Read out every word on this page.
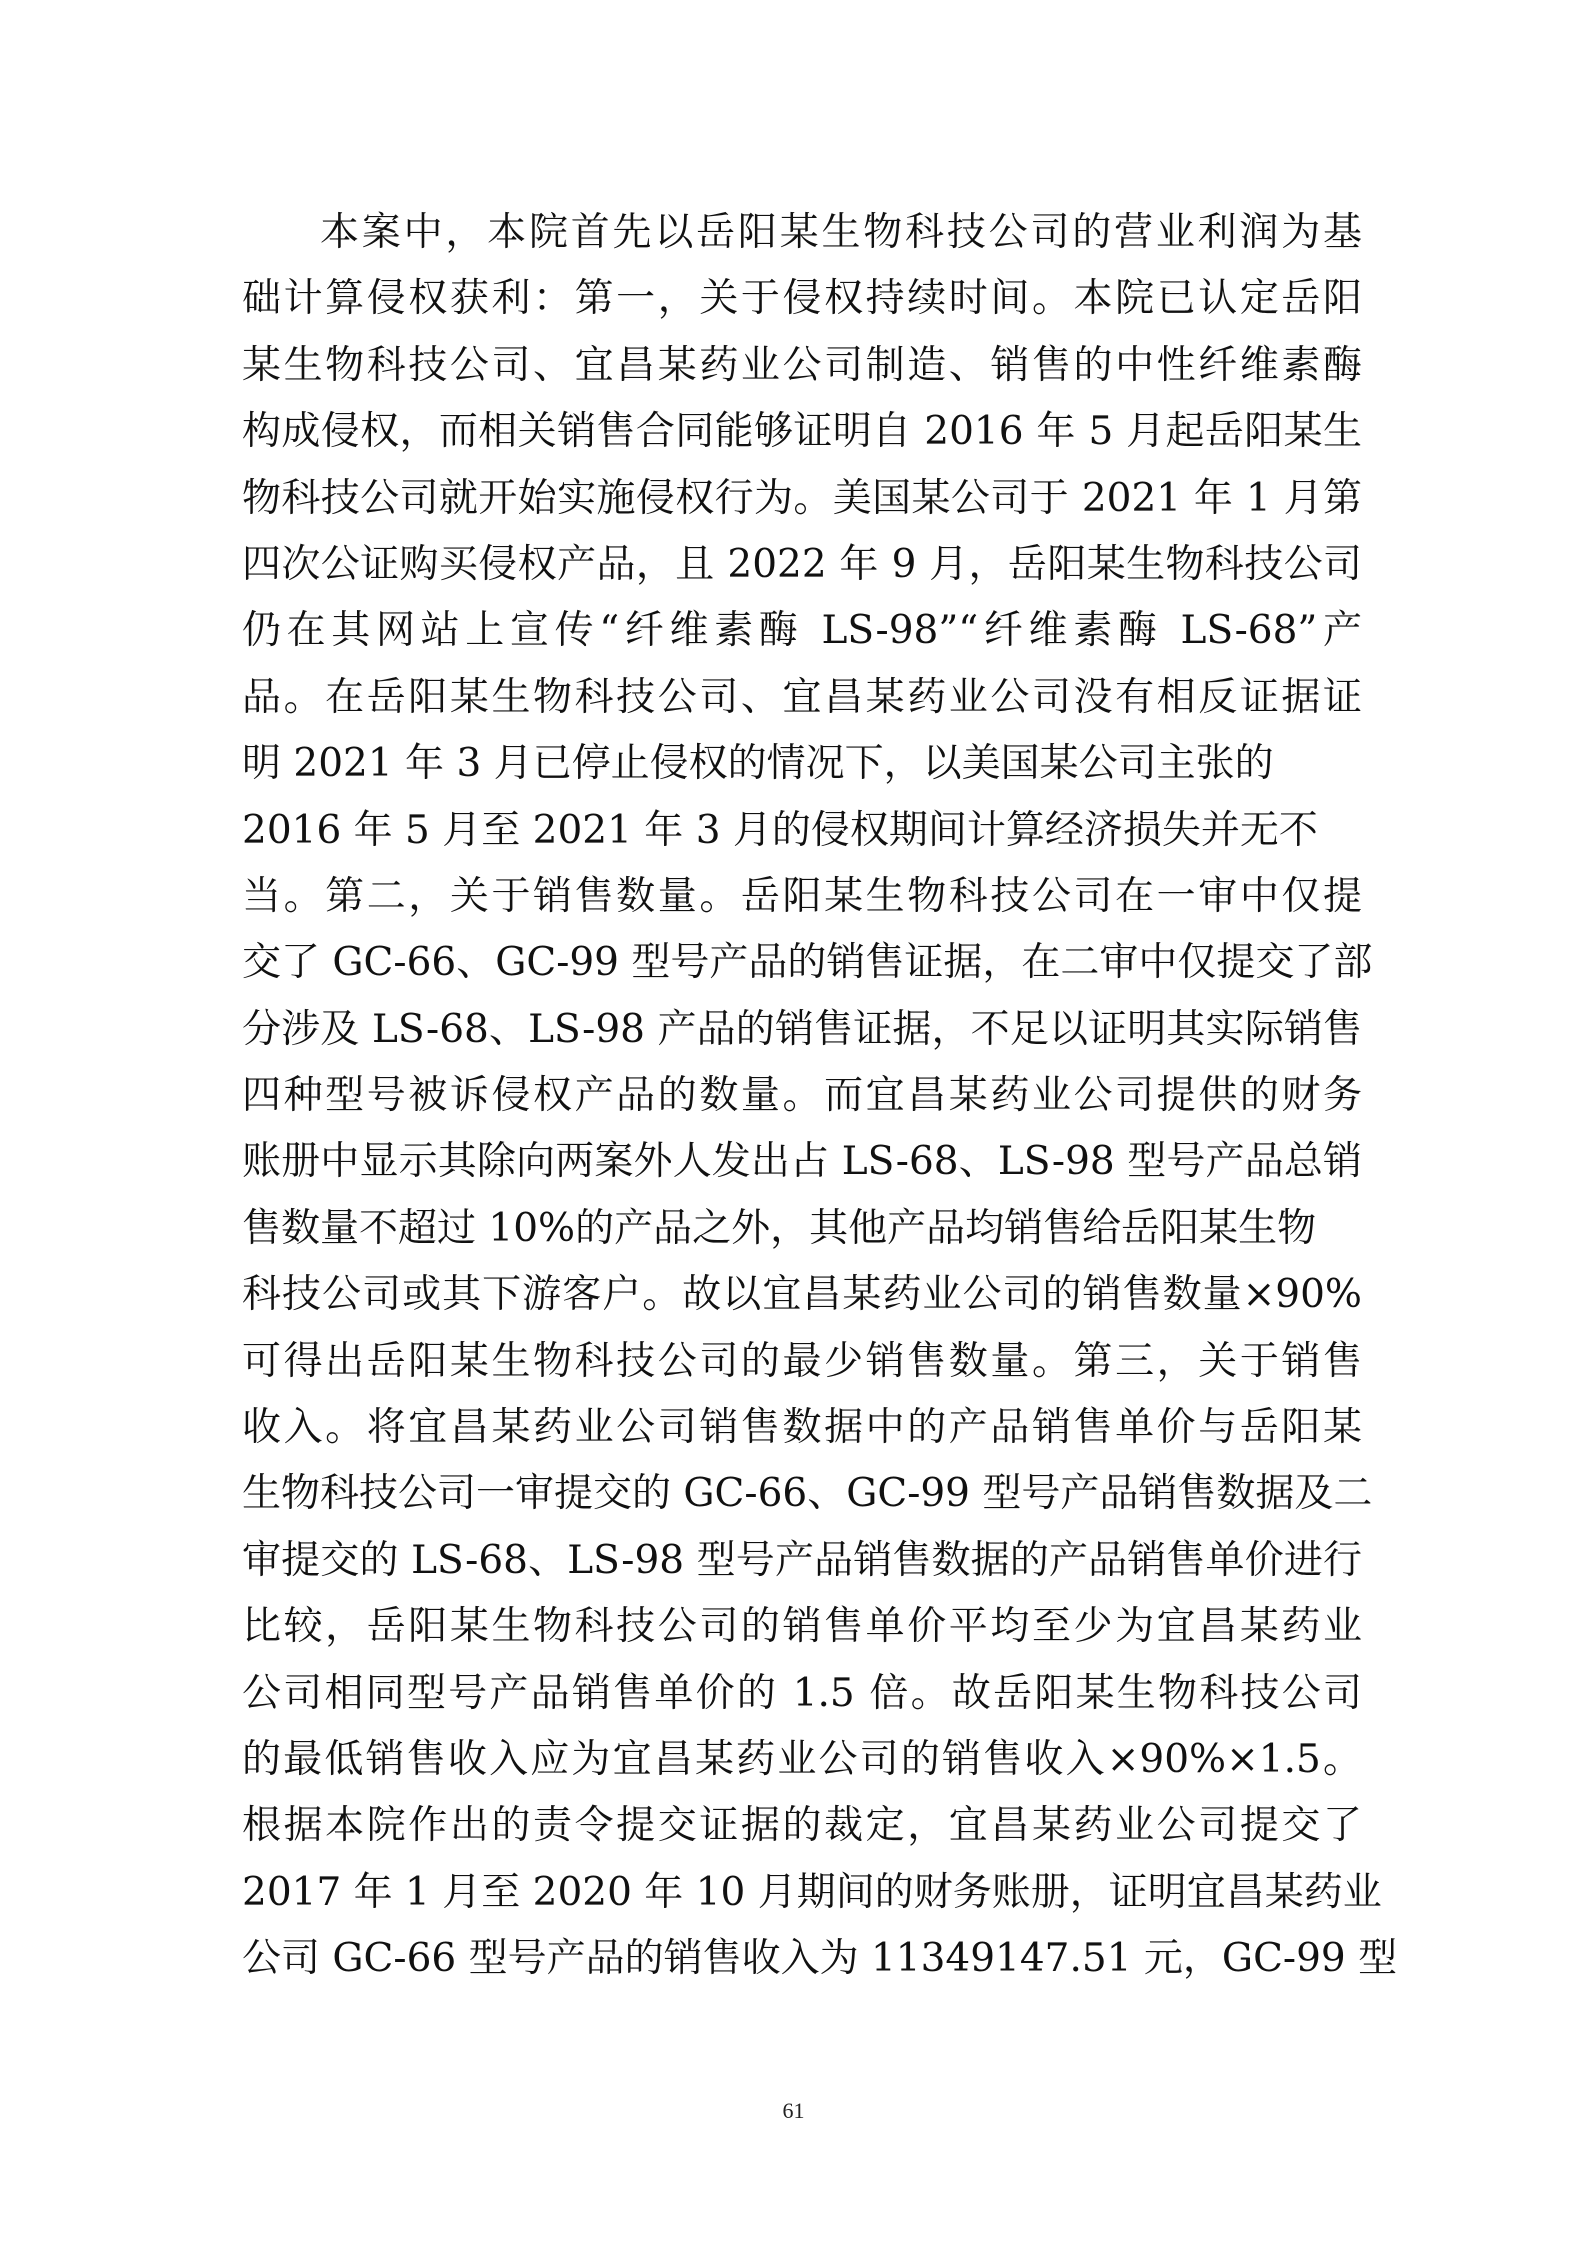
本案中，本院首先以岳阳某生物科技公司的营业利润为基
础计算侵权获利：第一，关于侵权持续时间。本院已认定岳阳
某生物科技公司、宜昌某药业公司制造、销售的中性纤维素酶
构成侵权，而相关销售合同能够证明自 2016 年 5 月起岳阳某生
物科技公司就开始实施侵权行为。美国某公司于 2021 年 1 月第
四次公证购买侵权产品，且 2022 年 9 月，岳阳某生物科技公司
仍在其网站上宣传“纤维素酶 LS-98”“纤维素酶 LS-68”产
品。在岳阳某生物科技公司、宜昌某药业公司没有相反证据证
明 2021 年 3 月已停止侵权的情况下，以美国某公司主张的
2016 年 5 月至 2021 年 3 月的侵权期间计算经济损失并无不
当。第二，关于销售数量。岳阳某生物科技公司在一审中仅提
交了 GC-66、GC-99 型号产品的销售证据，在二审中仅提交了部
分涉及 LS-68、LS-98 产品的销售证据，不足以证明其实际销售
四种型号被诉侵权产品的数量。而宜昌某药业公司提供的财务
账册中显示其除向两案外人发出占 LS-68、LS-98 型号产品总销
售数量不超过 10%的产品之外，其他产品均销售给岳阳某生物
科技公司或其下游客户。故以宜昌某药业公司的销售数量×90%
可得出岳阳某生物科技公司的最少销售数量。第三，关于销售
收入。将宜昌某药业公司销售数据中的产品销售单价与岳阳某
生物科技公司一审提交的 GC-66、GC-99 型号产品销售数据及二
审提交的 LS-68、LS-98 型号产品销售数据的产品销售单价进行
比较，岳阳某生物科技公司的销售单价平均至少为宜昌某药业
公司相同型号产品销售单价的 1.5 倍。故岳阳某生物科技公司
的最低销售收入应为宜昌某药业公司的销售收入×90%×1.5。
根据本院作出的责令提交证据的裁定，宜昌某药业公司提交了
2017 年 1 月至 2020 年 10 月期间的财务账册，证明宜昌某药业
公司 GC-66 型号产品的销售收入为 11349147.51 元，GC-99 型
61
